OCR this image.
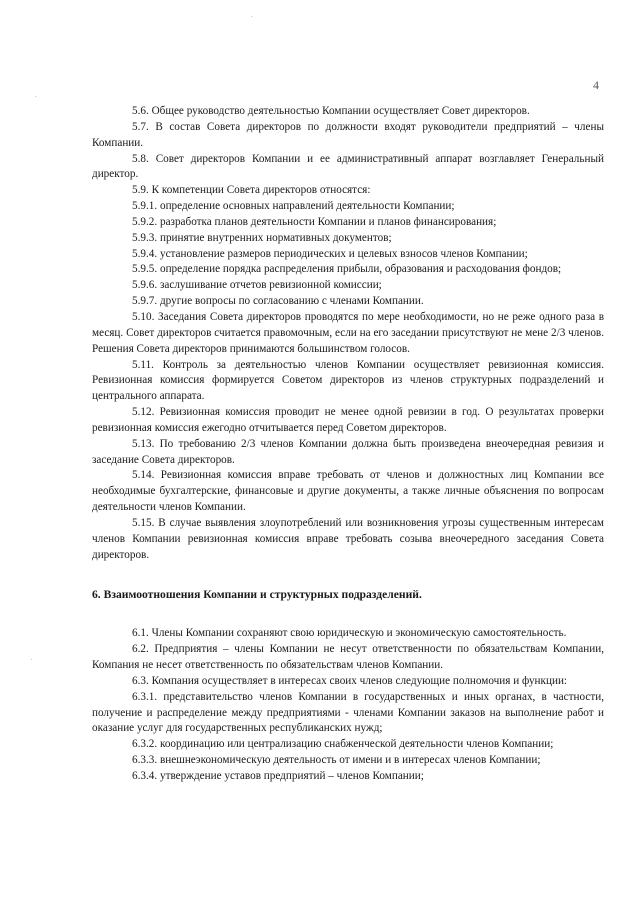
·
·
·
4

5.6. Общее руководство деятельностью Компании осуществляет Совет директоров.

5.7. В состав Совета директоров по должности входят руководители предприятий – члены Компании.

5.8. Совет директоров Компании и ее административный аппарат возглавляет Генеральный директор.

5.9. К компетенции Совета директоров относятся:

5.9.1. определение основных направлений деятельности Компании;

5.9.2. разработка планов деятельности Компании и планов финансирования;

5.9.3. принятие внутренних нормативных документов;

5.9.4. установление размеров периодических и целевых взносов членов Компании;

5.9.5. определение порядка распределения прибыли, образования и расходования фондов;

5.9.6. заслушивание отчетов ревизионной комиссии;

5.9.7. другие вопросы по согласованию с членами Компании.

5.10. Заседания Совета директоров проводятся по мере необходимости, но не реже одного раза в месяц. Совет директоров считается правомочным, если на его заседании присутствуют не мене 2/3 членов. Решения Совета директоров принимаются большинством голосов.

5.11. Контроль за деятельностью членов Компании осуществляет ревизионная комиссия. Ревизионная комиссия формируется Советом директоров из членов структурных подразделений и центрального аппарата.

5.12. Ревизионная комиссия проводит не менее одной ревизии в год. О результатах проверки ревизионная комиссия ежегодно отчитывается перед Советом директоров.

5.13. По требованию 2/3 членов Компании должна быть произведена внеочередная ревизия и заседание Совета директоров.

5.14. Ревизионная комиссия вправе требовать от членов и должностных лиц Компании все необходимые бухгалтерские, финансовые и другие документы, а также личные объяснения по вопросам деятельности членов Компании.

5.15. В случае выявления злоупотреблений или возникновения угрозы существенным интересам членов Компании ревизионная комиссия вправе требовать созыва внеочередного заседания Совета директоров.

6. Взаимоотношения Компании и структурных подразделений.

6.1. Члены Компании сохраняют свою юридическую и экономическую самостоятельность.

6.2. Предприятия – члены Компании не несут ответственности по обязательствам Компании, Компания не несет ответственность по обязательствам членов Компании.

6.3. Компания осуществляет в интересах своих членов следующие полномочия и функции:

6.3.1. представительство членов Компании в государственных и иных органах, в частности, получение и распределение между предприятиями - членами Компании заказов на выполнение работ и оказание услуг для государственных республиканских нужд;

6.3.2. координацию или централизацию снабженческой деятельности членов Компании;

6.3.3. внешнеэкономическую деятельность от имени и в интересах членов Компании;

6.3.4. утверждение уставов предприятий – членов Компании;
